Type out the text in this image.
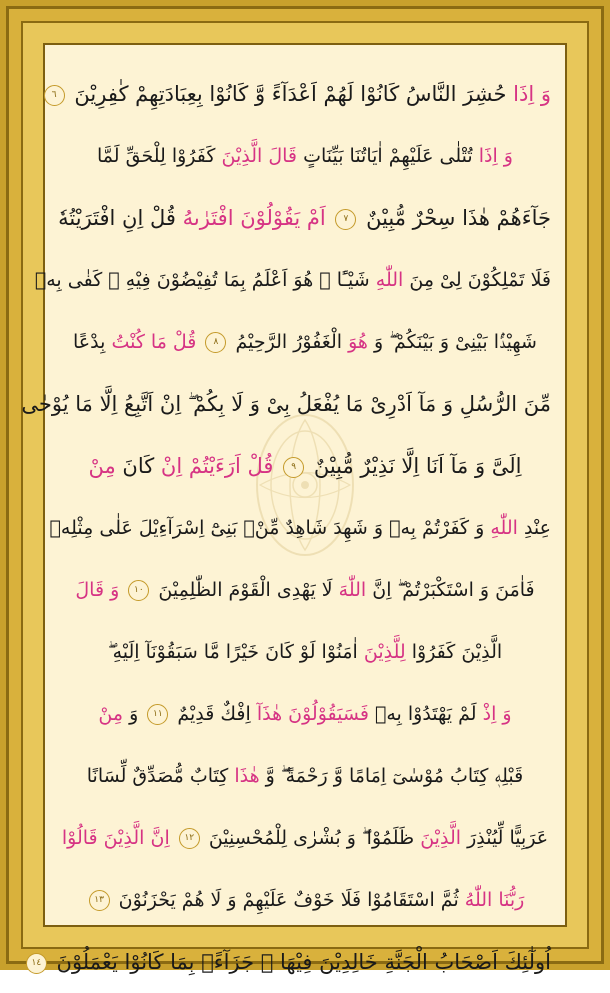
وَ اِذَا حُشِرَ النَّاسُ كَانُوْا لَهُمْ اَعْدَآءً وَّ كَانُوْا بِعِبَادَتِهِمْ كٰفِرِيْنَ ٦
وَ اِذَا تُتْلٰى عَلَيْهِمْ اٰيَاتُنَا بَيِّنَاتٍ قَالَ الَّذِيْنَ كَفَرُوْا لِلْحَقِّ لَمَّا
جَآءَهُمْ هٰذَا سِحْرٌ مُّبِيْنٌ ٧ اَمْ يَقُوْلُوْنَ افْتَرٰىهُ قُلْ اِنِ افْتَرَيْتُهٗ
فَلَا تَمْلِكُوْنَ لِىْ مِنَ اللّٰهِ شَيْـًٔا ۖ هُوَ اَعْلَمُ بِمَا تُفِيْضُوْنَ فِيْهِ ۖ كَفٰى بِهٖ
شَهِيْدًۢا بَيْنِىْ وَ بَيْنَكُمْ ۖ وَ هُوَ الْغَفُوْرُ الرَّحِيْمُ ٨ قُلْ مَا كُنْتُ بِدْعًا
مِّنَ الرُّسُلِ وَ مَآ اَدْرِىْ مَا يُفْعَلُ بِىْ وَ لَا بِكُمْ ۖ اِنْ اَتَّبِعُ اِلَّا مَا يُوْحٰى
اِلَىَّ وَ مَآ اَنَا اِلَّا نَذِيْرٌ مُّبِيْنٌ ٩ قُلْ اَرَءَيْتُمْ اِنْ كَانَ مِنْ
عِنْدِ اللّٰهِ وَ كَفَرْتُمْ بِهٖ وَ شَهِدَ شَاهِدٌ مِّنْۢ بَنِىْٓ اِسْرَآءِيْلَ عَلٰى مِثْلِهٖ
فَاٰمَنَ وَ اسْتَكْبَرْتُمْ ۖ اِنَّ اللّٰهَ لَا يَهْدِى الْقَوْمَ الظّٰلِمِيْنَ ١٠ وَ قَالَ
الَّذِيْنَ كَفَرُوْا لِلَّذِيْنَ اٰمَنُوْا لَوْ كَانَ خَيْرًا مَّا سَبَقُوْنَآ اِلَيْهِ ۖ
وَ اِذْ لَمْ يَهْتَدُوْا بِهٖ فَسَيَقُوْلُوْنَ هٰذَآ اِفْكٌ قَدِيْمٌ ١١ وَ مِنْ
قَبْلِهٖ كِتَابُ مُوْسٰىٓ اِمَامًا وَّ رَحْمَةً ۖ وَّ هٰذَا كِتَابٌ مُّصَدِّقٌ لِّسَانًا
عَرَبِيًّا لِّيُنْذِرَ الَّذِيْنَ ظَلَمُوْا ۖ وَ بُشْرٰى لِلْمُحْسِنِيْنَ ١٢ اِنَّ الَّذِيْنَ قَالُوْا
رَبُّنَا اللّٰهُ ثُمَّ اسْتَقَامُوْا فَلَا خَوْفٌ عَلَيْهِمْ وَ لَا هُمْ يَحْزَنُوْنَ ١٣
اُولٰٓئِكَ اَصْحَابُ الْجَنَّةِ خَالِدِيْنَ فِيْهَا ۖ جَزَآءًۢ بِمَا كَانُوْا يَعْمَلُوْنَ ١٤
